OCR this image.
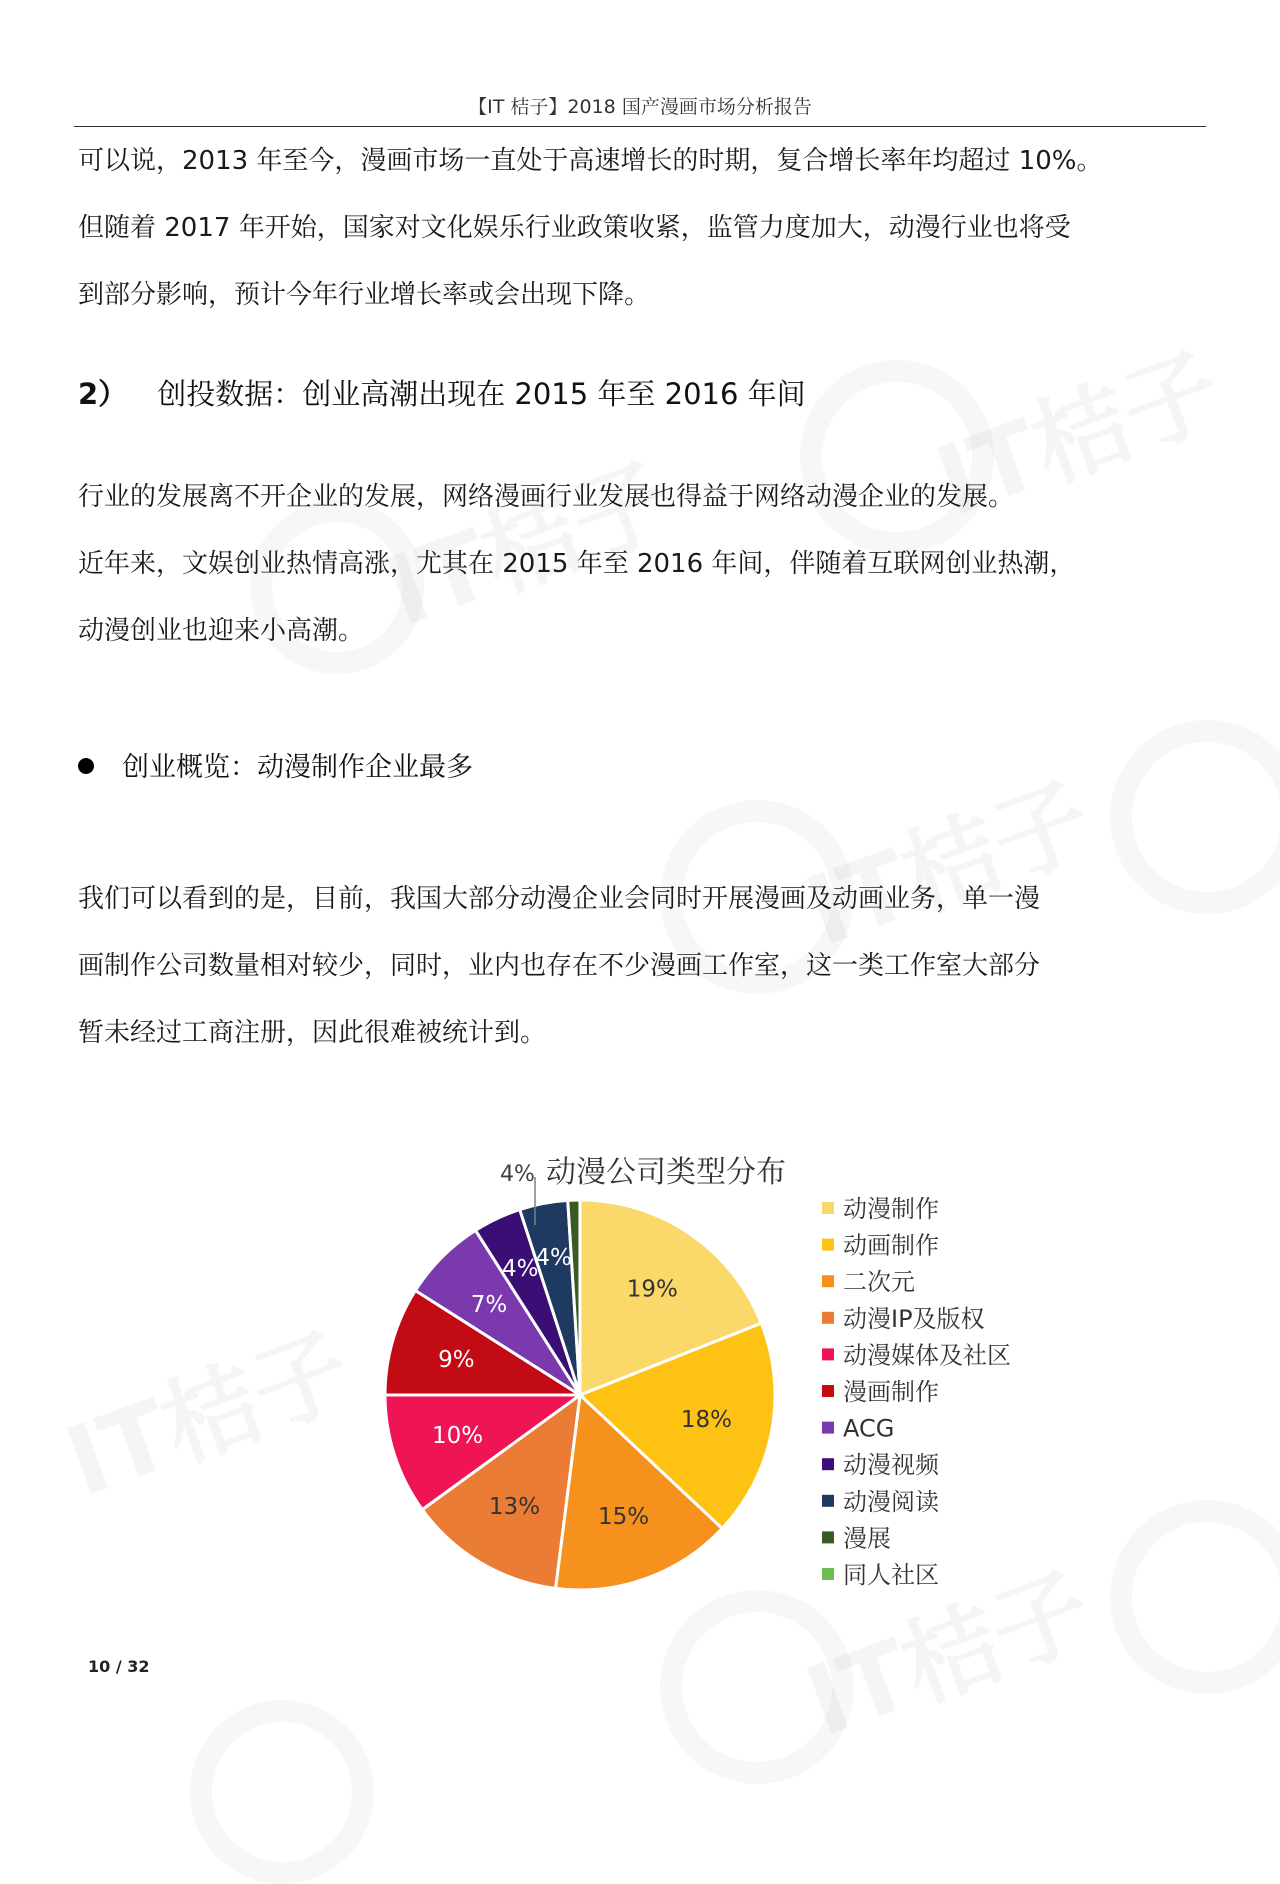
【IT 桔子】2018 国产漫画市场分析报告
可以说，2013 年至今，漫画市场一直处于高速增长的时期，复合增长率年均超过 10%。
但随着 2017 年开始，国家对文化娱乐行业政策收紧，监管力度加大，动漫行业也将受
到部分影响，预计今年行业增长率或会出现下降。
2） 创投数据：创业高潮出现在 2015 年至 2016 年间
行业的发展离不开企业的发展，网络漫画行业发展也得益于网络动漫企业的发展。
近年来，文娱创业热情高涨，尤其在 2015 年至 2016 年间，伴随着互联网创业热潮，
动漫创业也迎来小高潮。
创业概览：动漫制作企业最多
我们可以看到的是，目前，我国大部分动漫企业会同时开展漫画及动画业务，单一漫
画制作公司数量相对较少，同时，业内也存在不少漫画工作室，这一类工作室大部分
暂未经过工商注册，因此很难被统计到。
19%
18%
15%
13%
10%
9%
7%
4%
4%
动漫公司类型分布
4%
动漫制作
动画制作
二次元
动漫IP及版权
动漫媒体及社区
漫画制作
ACG
动漫视频
动漫阅读
漫展
同人社区
10 / 32
